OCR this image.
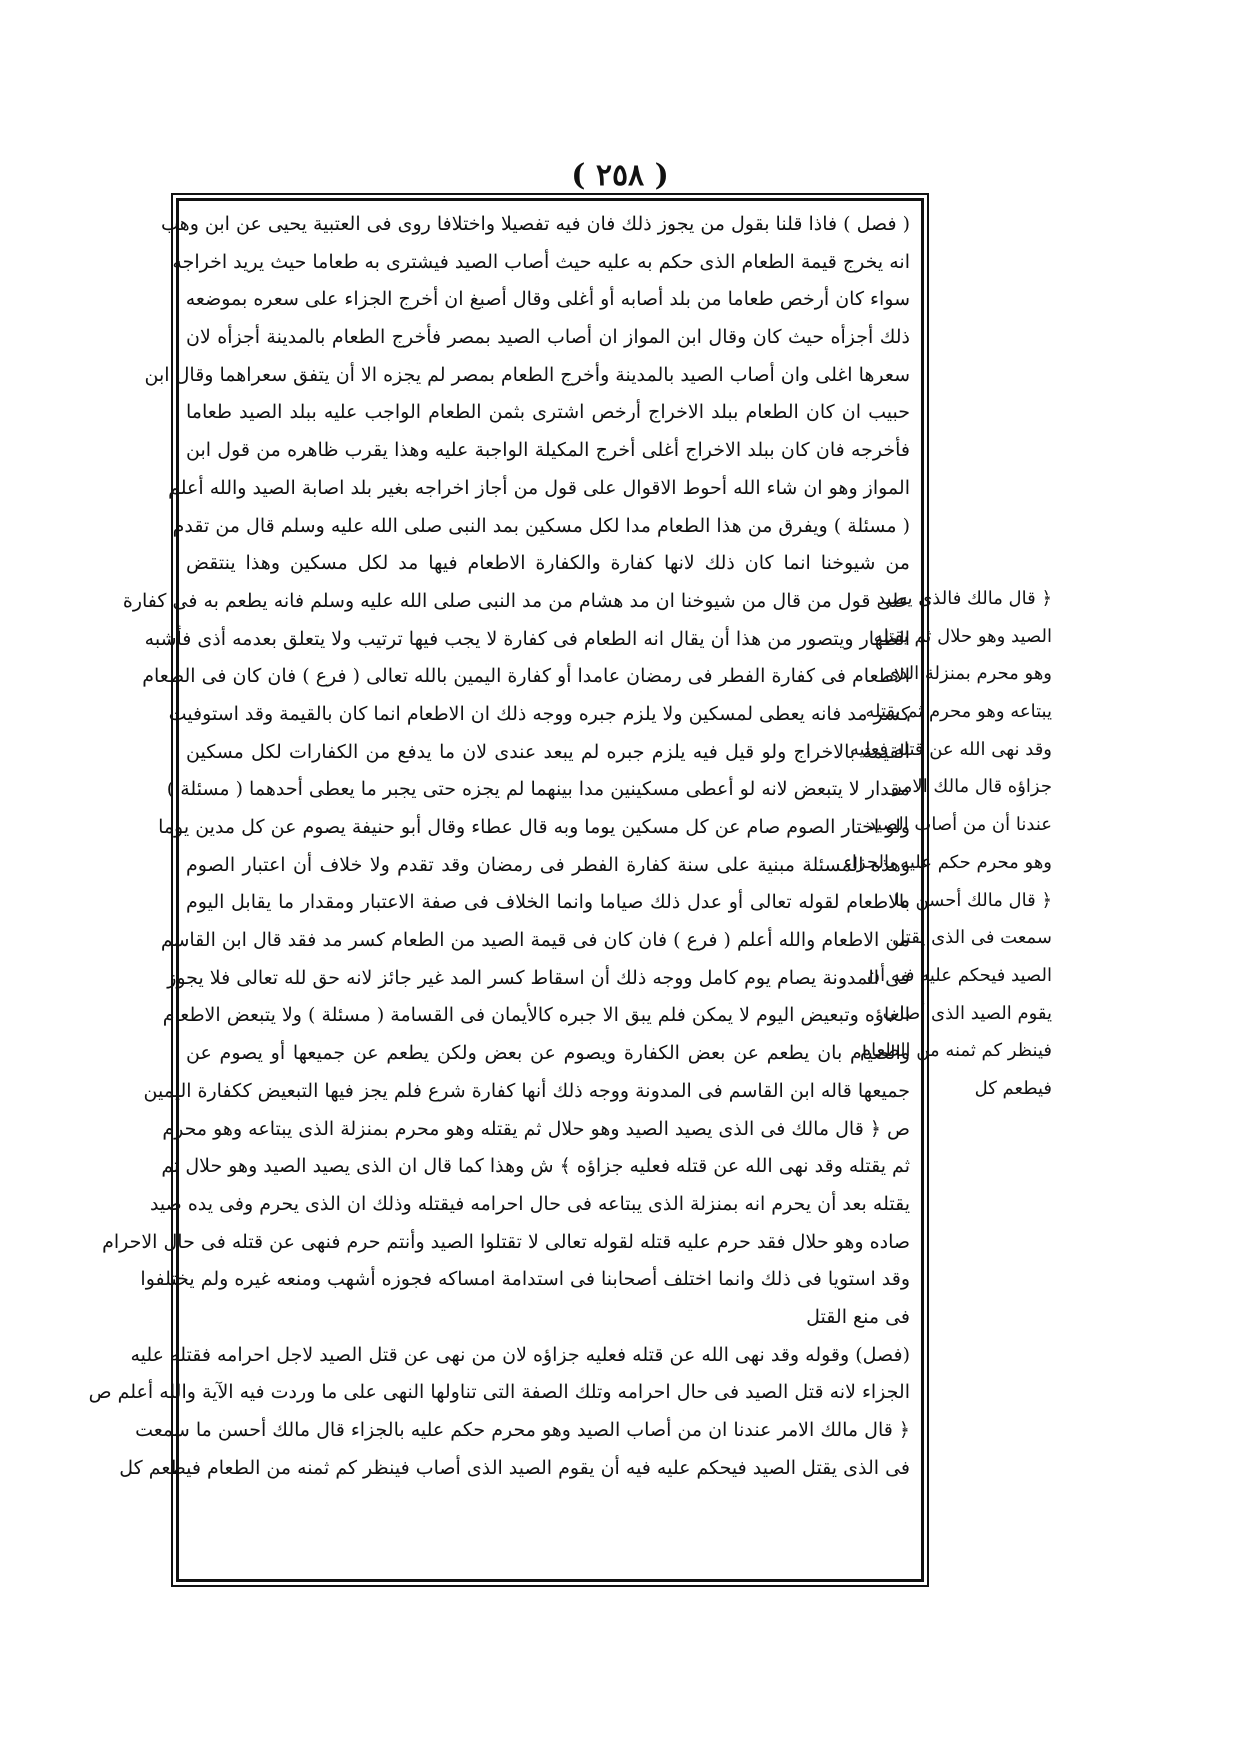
( ٢٥٨ )
( فصل ) فاذا قلنا بقول من يجوز ذلك فان فيه تفصيلا واختلافا روى فى العتبية يحيى عن ابن وهب
انه يخرج قيمة الطعام الذى حكم به عليه حيث أصاب الصيد فيشترى به طعاما حيث يريد اخراجه
سواء كان أرخص طعاما من بلد أصابه أو أغلى وقال أصبغ ان أخرج الجزاء على سعره بموضعه
ذلك أجزأه حيث كان وقال ابن المواز ان أصاب الصيد بمصر فأخرج الطعام بالمدينة أجزأه لان
سعرها اغلى وان أصاب الصيد بالمدينة وأخرج الطعام بمصر لم يجزه الا أن يتفق سعراهما وقال ابن
حبيب ان كان الطعام ببلد الاخراج أرخص اشترى بثمن الطعام الواجب عليه ببلد الصيد طعاما
فأخرجه فان كان ببلد الاخراج أغلى أخرج المكيلة الواجبة عليه وهذا يقرب ظاهره من قول ابن
المواز وهو ان شاء الله أحوط الاقوال على قول من أجاز اخراجه بغير بلد اصابة الصيد والله أعلم
( مسئلة ) ويفرق من هذا الطعام مدا لكل مسكين بمد النبى صلى الله عليه وسلم قال من تقدم
من شيوخنا انما كان ذلك لانها كفارة والكفارة الاطعام فيها مد لكل مسكين وهذا ينتقض
على قول من قال من شيوخنا ان مد هشام من مد النبى صلى الله عليه وسلم فانه يطعم به فى كفارة
الظهار ويتصور من هذا أن يقال انه الطعام فى كفارة لا يجب فيها ترتيب ولا يتعلق بعدمه أذى فأشبه
الاطعام فى كفارة الفطر فى رمضان عامدا أو كفارة اليمين بالله تعالى ( فرع ) فان كان فى الطعام
كسر مد فانه يعطى لمسكين ولا يلزم جبره ووجه ذلك ان الاطعام انما كان بالقيمة وقد استوفيت
القيمة بالاخراج ولو قيل فيه يلزم جبره لم يبعد عندى لان ما يدفع من الكفارات لكل مسكين
مقدار لا يتبعض لانه لو أعطى مسكينين مدا بينهما لم يجزه حتى يجبر ما يعطى أحدهما ( مسئلة )
ولو اختار الصوم صام عن كل مسكين يوما وبه قال عطاء وقال أبو حنيفة يصوم عن كل مدين يوما
وهذه المسئلة مبنية على سنة كفارة الفطر فى رمضان وقد تقدم ولا خلاف أن اعتبار الصوم
بالاطعام لقوله تعالى أو عدل ذلك صياما وانما الخلاف فى صفة الاعتبار ومقدار ما يقابل اليوم
من الاطعام والله أعلم ( فرع ) فان كان فى قيمة الصيد من الطعام كسر مد فقد قال ابن القاسم
فى المدونة يصام يوم كامل ووجه ذلك أن اسقاط كسر المد غير جائز لانه حق لله تعالى فلا يجوز
الغاؤه وتبعيض اليوم لا يمكن فلم يبق الا جبره كالأيمان فى القسامة ( مسئلة ) ولا يتبعض الاطعام
والصيام بان يطعم عن بعض الكفارة ويصوم عن بعض ولكن يطعم عن جميعها أو يصوم عن
جميعها قاله ابن القاسم فى المدونة ووجه ذلك أنها كفارة شرع فلم يجز فيها التبعيض ككفارة اليمين
ص ﴿ قال مالك فى الذى يصيد الصيد وهو حلال ثم يقتله وهو محرم بمنزلة الذى يبتاعه وهو محرم
ثم يقتله وقد نهى الله عن قتله فعليه جزاؤه ﴾ ش وهذا كما قال ان الذى يصيد الصيد وهو حلال ثم
يقتله بعد أن يحرم انه بمنزلة الذى يبتاعه فى حال احرامه فيقتله وذلك ان الذى يحرم وفى يده صيد
صاده وهو حلال فقد حرم عليه قتله لقوله تعالى لا تقتلوا الصيد وأنتم حرم فنهى عن قتله فى حال الاحرام
وقد استويا فى ذلك وانما اختلف أصحابنا فى استدامة امساكه فجوزه أشهب ومنعه غيره ولم يختلفوا
فى منع القتل
(فصل) وقوله وقد نهى الله عن قتله فعليه جزاؤه لان من نهى عن قتل الصيد لاجل احرامه فقتله عليه
الجزاء لانه قتل الصيد فى حال احرامه وتلك الصفة التى تناولها النهى على ما وردت فيه الآية والله أعلم ص
﴿ قال مالك الامر عندنا ان من أصاب الصيد وهو محرم حكم عليه بالجزاء قال مالك أحسن ما سمعت
فى الذى يقتل الصيد فيحكم عليه فيه أن يقوم الصيد الذى أصاب فينظر كم ثمنه من الطعام فيطعم كل
﴿ قال مالك فالذى يصيد
الصيد وهو حلال ثم يقتله
وهو محرم بمنزلة الذى
يبتاعه وهو محرم ثم يقتله
وقد نهى الله عن قتله فعليه
جزاؤه قال مالك الامر
عندنا أن من أصاب الصيد
وهو محرم حكم عليه بالجزاء
﴿ قال مالك أحسن ما
سمعت فى الذى يقتل
الصيد فيحكم عليه فيه أن
يقوم الصيد الذى أصاب
فينظر كم ثمنه من الطعام
فيطعم كل
